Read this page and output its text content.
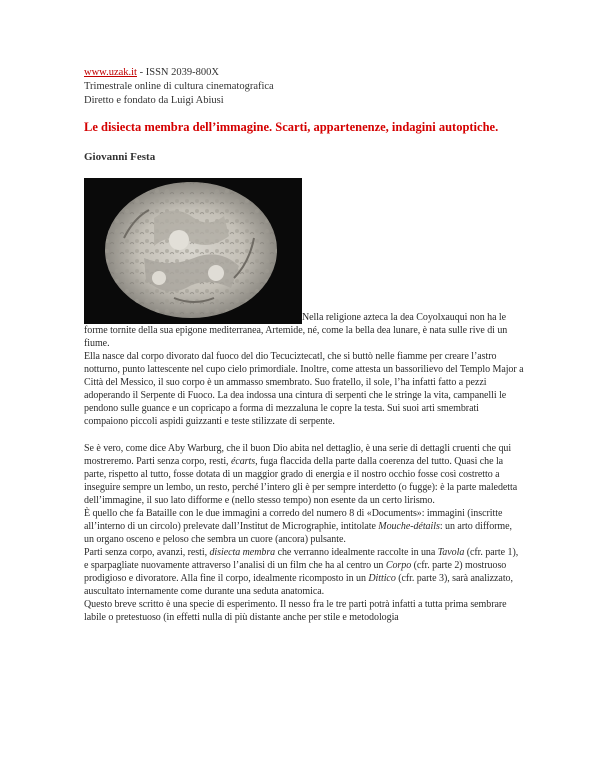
www.uzak.it - ISSN 2039-800X
Trimestrale online di cultura cinematografica
Diretto e fondato da Luigi Abiusi
Le disiecta membra dell’immagine. Scarti, appartenenze, indagini autoptiche.
Giovanni Festa
Nella religione azteca la dea Coyolxauqui non ha le forme tornite della sua epigone mediterranea, Artemide, né, come la bella dea lunare, è nata sulle rive di un fiume.

Ella nasce dal corpo divorato dal fuoco del dio Tecuciztecatl, che si buttò nelle fiamme per creare l’astro notturno, punto lattescente nel cupo cielo primordiale. Inoltre, come attesta un bassorilievo del Templo Major a Città del Messico, il suo corpo è un ammasso smembrato. Suo fratello, il sole, l’ha infatti fatto a pezzi adoperando il Serpente di Fuoco. La dea indossa una cintura di serpenti che le stringe la vita, campanelli le pendono sulle guance e un copricapo a forma di mezzaluna le copre la testa. Sui suoi arti smembrati compaiono piccoli aspidi guizzanti e teste stilizzate di serpente.

Se è vero, come dice Aby Warburg, che il buon Dio abita nel dettaglio, è una serie di dettagli cruenti che qui mostreremo. Parti senza corpo, resti, écarts, fuga flaccida della parte dalla coerenza del tutto. Quasi che la parte, rispetto al tutto, fosse dotata di un maggior grado di energia e il nostro occhio fosse così costretto a inseguire sempre un lembo, un resto, perché l’intero gli è per sempre interdetto (o fugge): è la parte maledetta dell’immagine, il suo lato difforme e (nello stesso tempo) non esente da un certo lirismo.

È quello che fa Bataille con le due immagini a corredo del numero 8 di «Documents»: immagini (inscritte all’interno di un circolo) prelevate dall’Institut de Micrographie, intitolate Mouche-détails: un arto difforme, un organo osceno e peloso che sembra un cuore (ancora) pulsante.

Parti senza corpo, avanzi, resti, disiecta membra che verranno idealmente raccolte in una Tavola (cfr. parte 1), e sparpagliate nuovamente attraverso l’analisi di un film che ha al centro un Corpo (cfr. parte 2) mostruoso prodigioso e divoratore. Alla fine il corpo, idealmente ricomposto in un Dittico (cfr. parte 3), sarà analizzato, auscultato internamente come durante una seduta anatomica.

Questo breve scritto è una specie di esperimento. Il nesso fra le tre parti potrà infatti a tutta prima sembrare labile o pretestuoso (in effetti nulla di più distante anche per stile e metodologia
